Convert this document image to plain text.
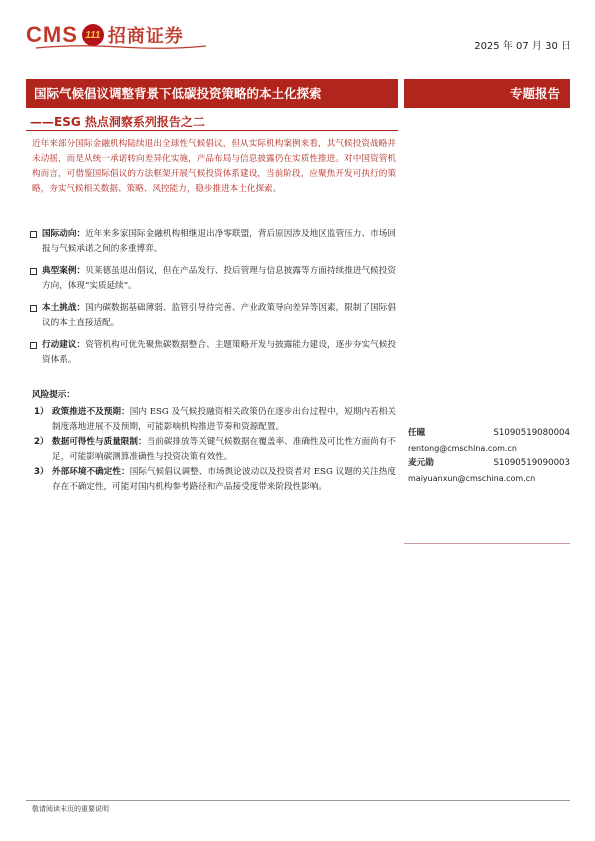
CMS 111 招商证券	2025 年 07 月 30 日
国际气候倡议调整背景下低碳投资策略的本土化探索	专题报告
——ESG 热点洞察系列报告之二
近年来部分国际金融机构陆续退出全球性气候倡议，但从实际机构案例来看，其气候投资战略并未动摇，而是从统一承诺转向差异化实施，产品布局与信息披露仍在实质性推进。对中国资管机构而言，可借鉴国际倡议的方法框架开展气候投资体系建设，当前阶段，应聚焦开发可执行的策略，夯实气候相关数据、策略、风控能力，稳步推进本土化探索。
国际动向：近年来多家国际金融机构相继退出净零联盟，背后原因涉及地区监管压力、市场回报与气候承诺之间的多重博弈。
典型案例：贝莱德虽退出倡议，但在产品发行、投后管理与信息披露等方面持续推进气候投资方向，体现“实质延续”。
本土挑战：国内碳数据基础薄弱、监管引导待完善、产业政策导向差异等因素，限制了国际倡议的本土直接适配。
行动建议：资管机构可优先聚焦碳数据整合、主题策略开发与披露能力建设，逐步夯实气候投资体系。
风险提示：
1） 政策推进不及预期：国内 ESG 及气候投融资相关政策仍在逐步出台过程中，短期内若相关制度落地进展不及预期，可能影响机构推进节奏和资源配置。
2） 数据可得性与质量限制：当前碳排放等关键气候数据在覆盖率、准确性及可比性方面尚有不足，可能影响碳测算准确性与投资决策有效性。
3） 外部环境不确定性：国际气候倡议调整、市场舆论波动以及投资者对 ESG 议题的关注热度存在不确定性，可能对国内机构参考路径和产品接受度带来阶段性影响。
任曈	S1090519080004
rentong@cmschina.com.cn
麦元勋	S1090519090003
maiyuanxun@cmschina.com.cn
敬请阅读末页的重要说明
